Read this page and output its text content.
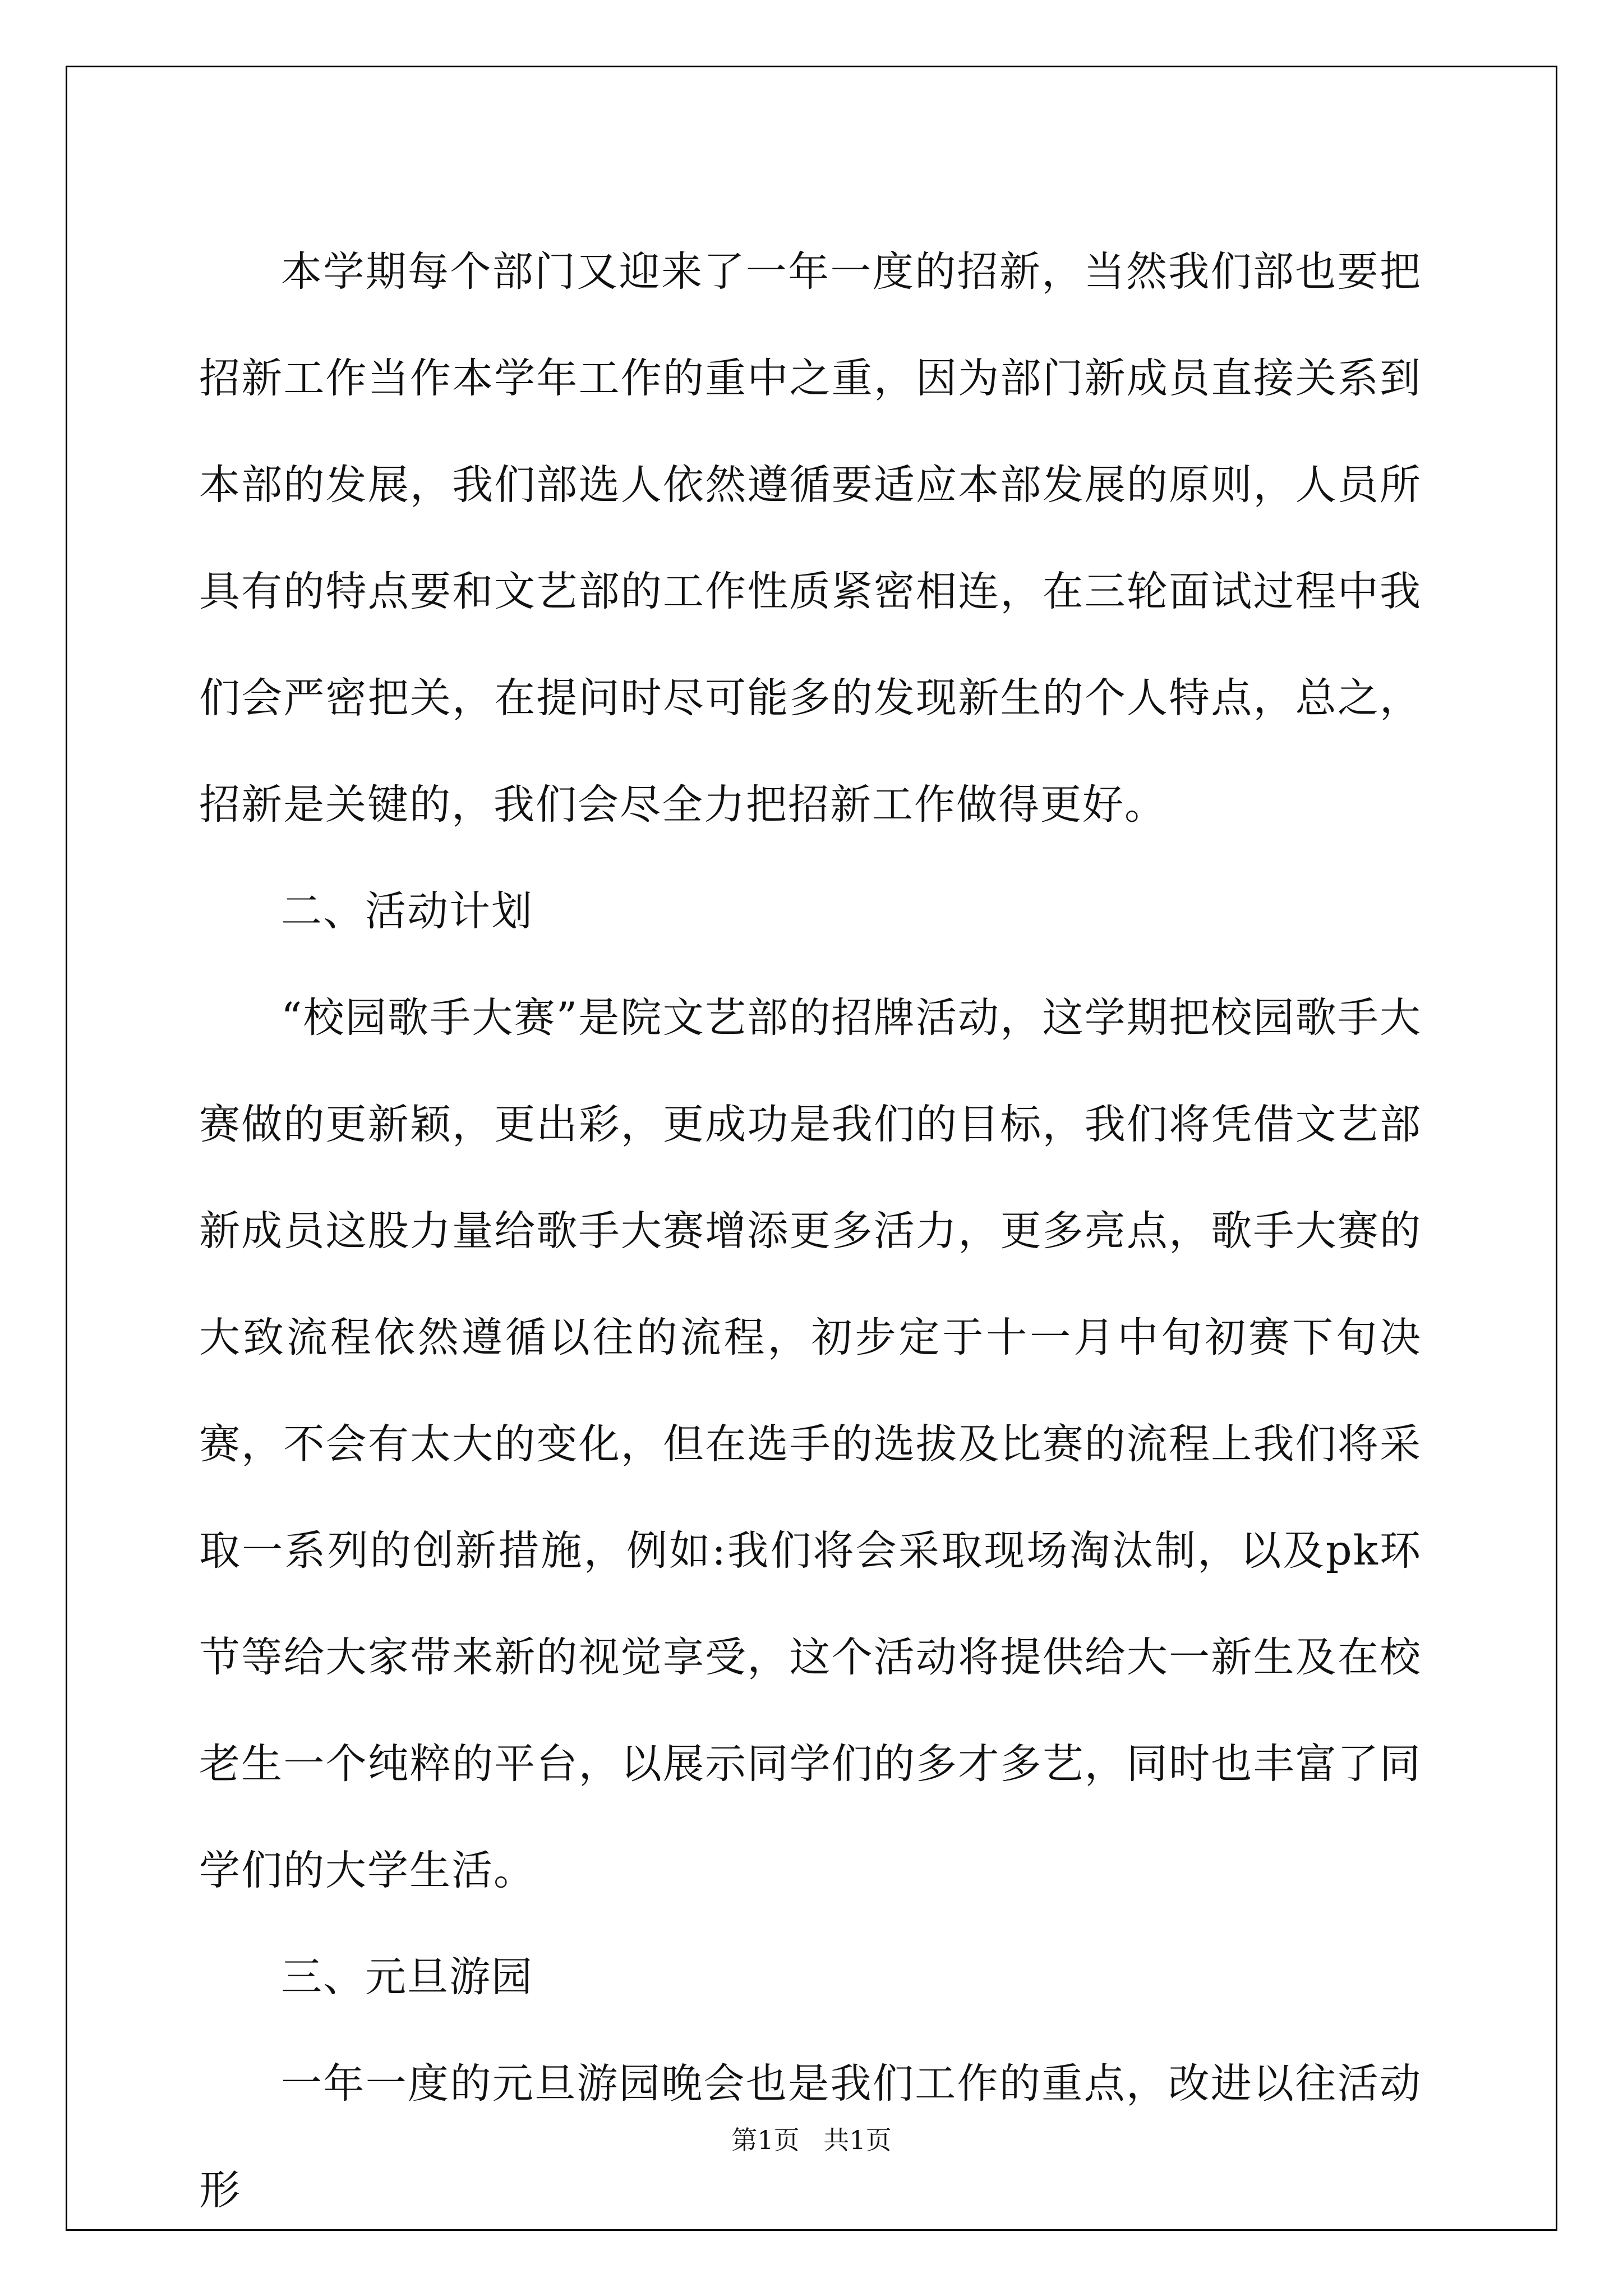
本学期每个部门又迎来了一年一度的招新，当然我们部也要把招新工作当作本学年工作的重中之重，因为部门新成员直接关系到本部的发展，我们部选人依然遵循要适应本部发展的原则，人员所具有的特点要和文艺部的工作性质紧密相连，在三轮面试过程中我们会严密把关，在提问时尽可能多的发现新生的个人特点，总之，招新是关键的，我们会尽全力把招新工作做得更好。

二、活动计划

“校园歌手大赛”是院文艺部的招牌活动，这学期把校园歌手大赛做的更新颖，更出彩，更成功是我们的目标，我们将凭借文艺部新成员这股力量给歌手大赛增添更多活力，更多亮点，歌手大赛的大致流程依然遵循以往的流程，初步定于十一月中旬初赛下旬决赛，不会有太大的变化，但在选手的选拔及比赛的流程上我们将采取一系列的创新措施，例如:我们将会采取现场淘汰制，以及pk环节等给大家带来新的视觉享受，这个活动将提供给大一新生及在校老生一个纯粹的平台，以展示同学们的多才多艺，同时也丰富了同学们的大学生活。

三、元旦游园

一年一度的元旦游园晚会也是我们工作的重点，改进以往活动形

第1页 共1页
